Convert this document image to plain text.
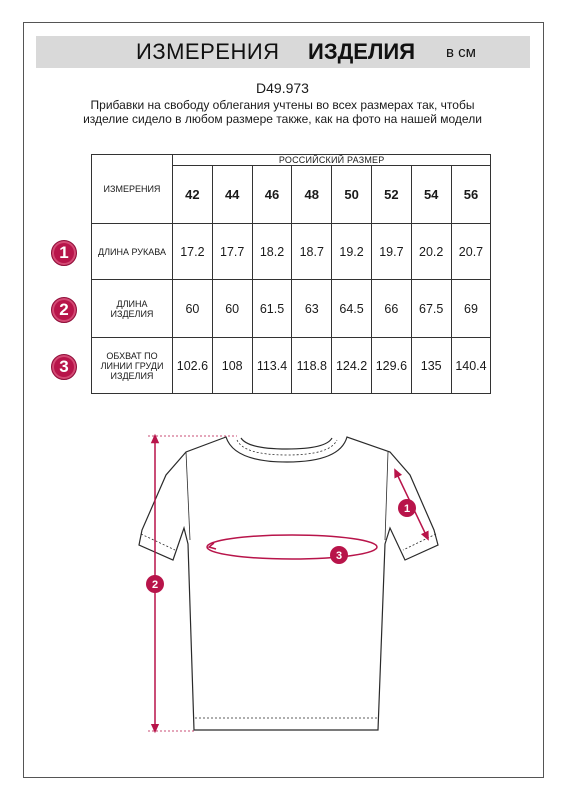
ИЗМЕРЕНИЯ ИЗДЕЛИЯ в см
D49.973
Прибавки на свободу облегания учтены во всех размерах так, чтобы изделие сидело в любом размере также, как на фото на нашей модели
ИЗМЕРЕНИЯ	РОССИЙСКИЙ РАЗМЕР							
	42	44	46	48	50	52	54	56
ДЛИНА РУКАВА	17.2	17.7	18.2	18.7	19.2	19.7	20.2	20.7
ДЛИНА ИЗДЕЛИЯ	60	60	61.5	63	64.5	66	67.5	69
ОБХВАТ ПО ЛИНИИ ГРУДИ ИЗДЕЛИЯ	102.6	108	113.4	118.8	124.2	129.6	135	140.4
1
2
3
1
2
3
